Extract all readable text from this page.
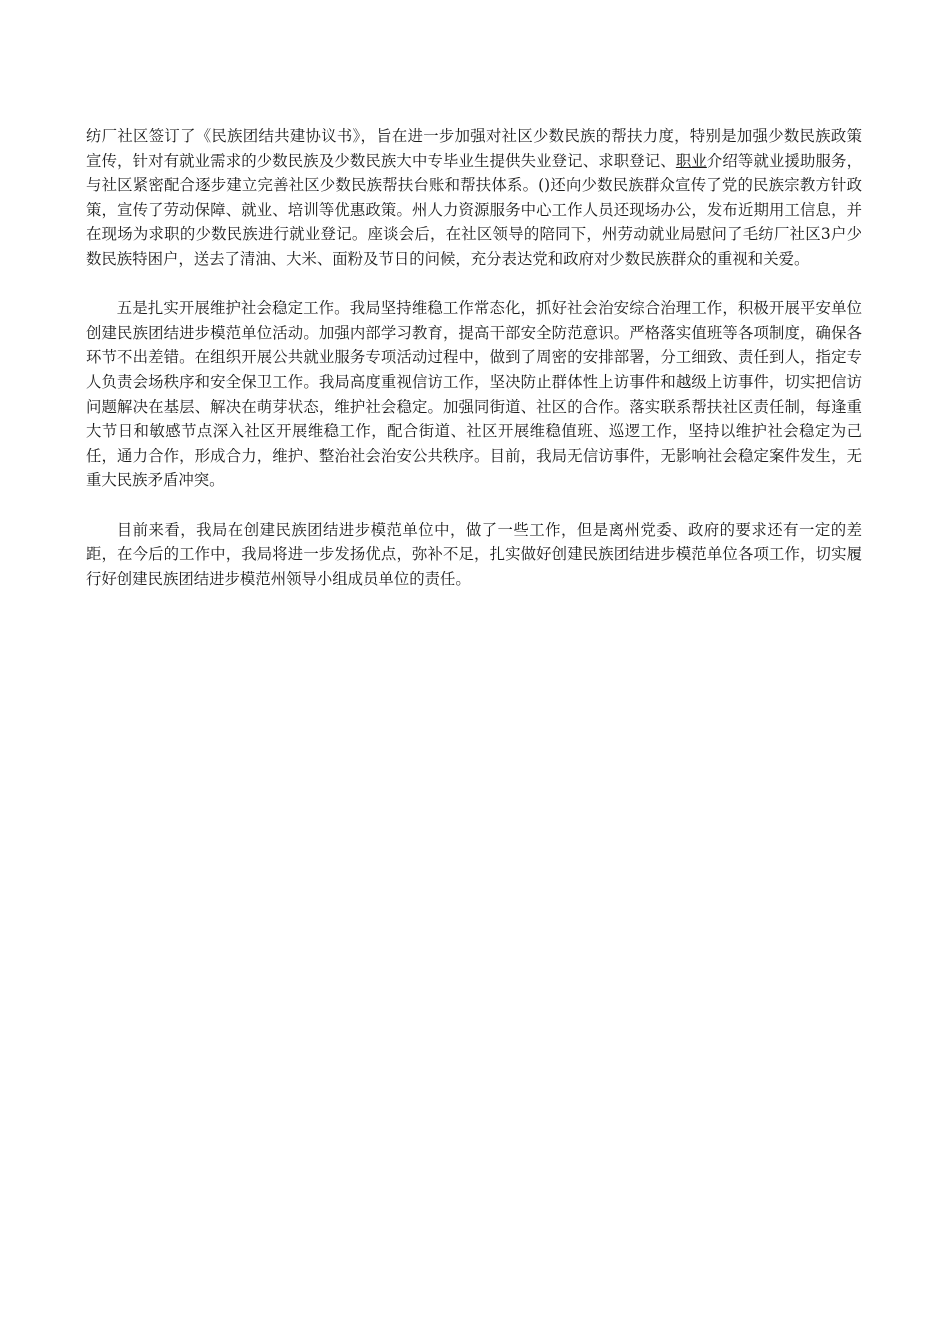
纺厂社区签订了《民族团结共建协议书》，旨在进一步加强对社区少数民族的帮扶力度，特别是加强少数民族政策宣传，针对有就业需求的少数民族及少数民族大中专毕业生提供失业登记、求职登记、职业介绍等就业援助服务，与社区紧密配合逐步建立完善社区少数民族帮扶台账和帮扶体系。()还向少数民族群众宣传了党的民族宗教方针政策，宣传了劳动保障、就业、培训等优惠政策。州人力资源服务中心工作人员还现场办公，发布近期用工信息，并在现场为求职的少数民族进行就业登记。座谈会后，在社区领导的陪同下，州劳动就业局慰问了毛纺厂社区3户少数民族特困户，送去了清油、大米、面粉及节日的问候，充分表达党和政府对少数民族群众的重视和关爱。

五是扎实开展维护社会稳定工作。我局坚持维稳工作常态化，抓好社会治安综合治理工作，积极开展平安单位创建民族团结进步模范单位活动。加强内部学习教育，提高干部安全防范意识。严格落实值班等各项制度，确保各环节不出差错。在组织开展公共就业服务专项活动过程中，做到了周密的安排部署，分工细致、责任到人，指定专人负责会场秩序和安全保卫工作。我局高度重视信访工作，坚决防止群体性上访事件和越级上访事件，切实把信访问题解决在基层、解决在萌芽状态，维护社会稳定。加强同街道、社区的合作。落实联系帮扶社区责任制，每逢重大节日和敏感节点深入社区开展维稳工作，配合街道、社区开展维稳值班、巡逻工作，坚持以维护社会稳定为己任，通力合作，形成合力，维护、整治社会治安公共秩序。目前，我局无信访事件，无影响社会稳定案件发生，无重大民族矛盾冲突。

目前来看，我局在创建民族团结进步模范单位中，做了一些工作，但是离州党委、政府的要求还有一定的差距，在今后的工作中，我局将进一步发扬优点，弥补不足，扎实做好创建民族团结进步模范单位各项工作，切实履行好创建民族团结进步模范州领导小组成员单位的责任。
